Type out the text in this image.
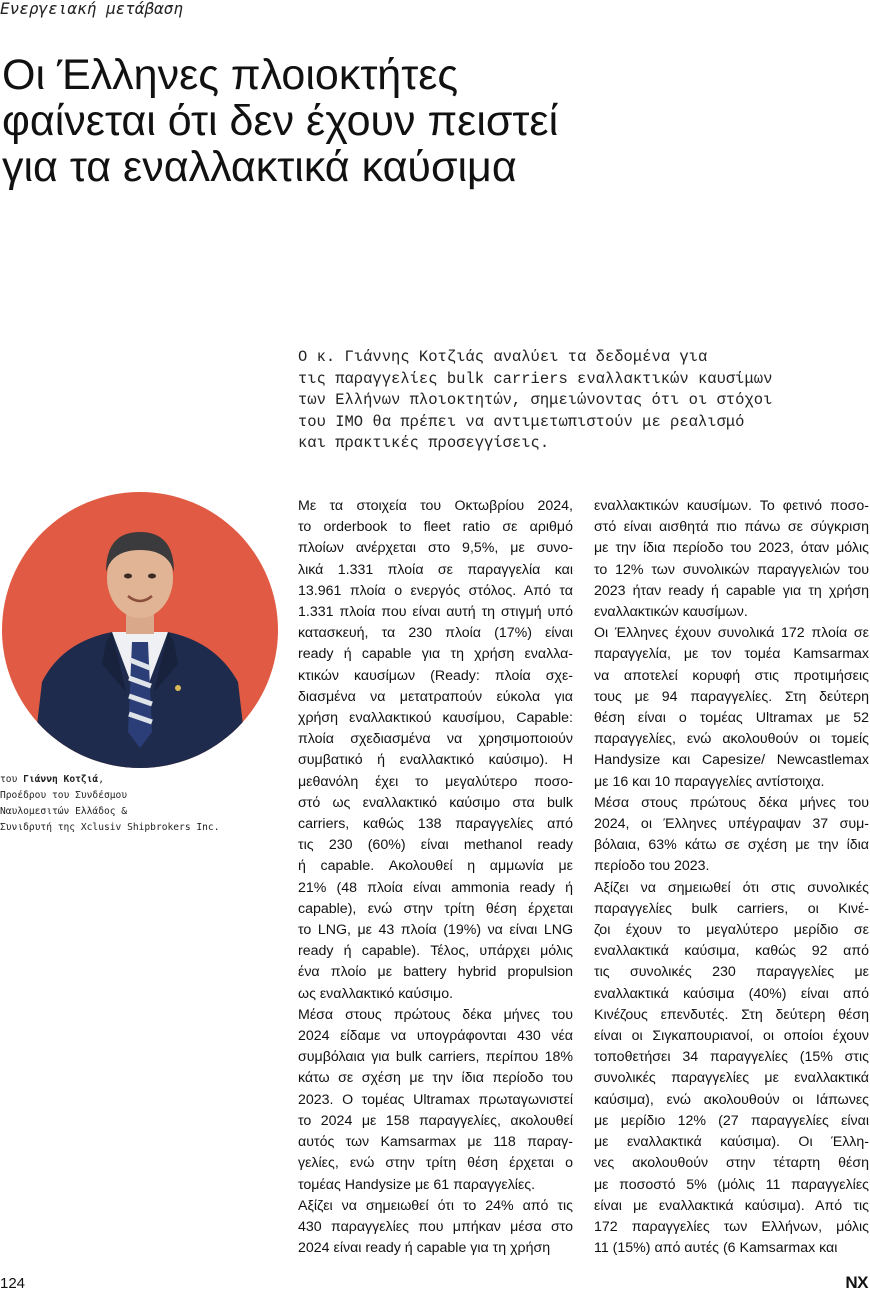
Ενεργειακή μετάβαση
Οι Έλληνες πλοιοκτήτες
φαίνεται ότι δεν έχουν πειστεί
για τα εναλλακτικά καύσιμα
Ο κ. Γιάννης Κοτζιάς αναλύει τα δεδομένα για
τις παραγγελίες bulk carriers εναλλακτικών καυσίμων
των Ελλήνων πλοιοκτητών, σημειώνοντας ότι οι στόχοι
του IMO θα πρέπει να αντιμετωπιστούν με ρεαλισμό
και πρακτικές προσεγγίσεις.
του Γιάννη Κοτζιά,
Προέδρου του Συνδέσμου
Ναυλομεσιτών Ελλάδος &
Συνιδρυτή της Xclusiv Shipbrokers Inc.
Με τα στοιχεία του Οκτωβρίου 2024,
το orderbook to fleet ratio σε αριθμό
πλοίων ανέρχεται στο 9,5%, με συνο-
λικά 1.331 πλοία σε παραγγελία και
13.961 πλοία ο ενεργός στόλος. Από τα
1.331 πλοία που είναι αυτή τη στιγμή υπό
κατασκευή, τα 230 πλοία (17%) είναι
ready ή capable για τη χρήση εναλλα-
κτικών καυσίμων (Ready: πλοία σχε-
διασμένα να μετατραπούν εύκολα για
χρήση εναλλακτικού καυσίμου, Capable:
πλοία σχεδιασμένα να χρησιμοποιούν
συμβατικό ή εναλλακτικό καύσιμο). Η
μεθανόλη έχει το μεγαλύτερο ποσο-
στό ως εναλλακτικό καύσιμο στα bulk
carriers, καθώς 138 παραγγελίες από
τις 230 (60%) είναι methanol ready
ή capable. Ακολουθεί η αμμωνία με
21% (48 πλοία είναι ammonia ready ή
capable), ενώ στην τρίτη θέση έρχεται
το LNG, με 43 πλοία (19%) να είναι LNG
ready ή capable). Τέλος, υπάρχει μόλις
ένα πλοίο με battery hybrid propulsion
ως εναλλακτικό καύσιμο.
Μέσα στους πρώτους δέκα μήνες του
2024 είδαμε να υπογράφονται 430 νέα
συμβόλαια για bulk carriers, περίπου 18%
κάτω σε σχέση με την ίδια περίοδο του
2023. Ο τομέας Ultramax πρωταγωνιστεί
το 2024 με 158 παραγγελίες, ακολουθεί
αυτός των Kamsarmax με 118 παραγ-
γελίες, ενώ στην τρίτη θέση έρχεται ο
τομέας Handysize με 61 παραγγελίες.
Αξίζει να σημειωθεί ότι το 24% από τις
430 παραγγελίες που μπήκαν μέσα στο
2024 είναι ready ή capable για τη χρήση
εναλλακτικών καυσίμων. Το φετινό ποσο-
στό είναι αισθητά πιο πάνω σε σύγκριση
με την ίδια περίοδο του 2023, όταν μόλις
το 12% των συνολικών παραγγελιών του
2023 ήταν ready ή capable για τη χρήση
εναλλακτικών καυσίμων.
Οι Έλληνες έχουν συνολικά 172 πλοία σε
παραγγελία, με τον τομέα Kamsarmax
να αποτελεί κορυφή στις προτιμήσεις
τους με 94 παραγγελίες. Στη δεύτερη
θέση είναι ο τομέας Ultramax με 52
παραγγελίες, ενώ ακολουθούν οι τομείς
Handysize και Capesize/ Newcastlemax
με 16 και 10 παραγγελίες αντίστοιχα.
Μέσα στους πρώτους δέκα μήνες του
2024, οι Έλληνες υπέγραψαν 37 συμ-
βόλαια, 63% κάτω σε σχέση με την ίδια
περίοδο του 2023.
Αξίζει να σημειωθεί ότι στις συνολικές
παραγγελίες bulk carriers, οι Κινέ-
ζοι έχουν το μεγαλύτερο μερίδιο σε
εναλλακτικά καύσιμα, καθώς 92 από
τις συνολικές 230 παραγγελίες με
εναλλακτικά καύσιμα (40%) είναι από
Κινέζους επενδυτές. Στη δεύτερη θέση
είναι οι Σιγκαπουριανοί, οι οποίοι έχουν
τοποθετήσει 34 παραγγελίες (15% στις
συνολικές παραγγελίες με εναλλακτικά
καύσιμα), ενώ ακολουθούν οι Ιάπωνες
με μερίδιο 12% (27 παραγγελίες είναι
με εναλλακτικά καύσιμα). Οι Έλλη-
νες ακολουθούν στην τέταρτη θέση
με ποσοστό 5% (μόλις 11 παραγγελίες
είναι με εναλλακτικά καύσιμα). Από τις
172 παραγγελίες των Ελλήνων, μόλις
11 (15%) από αυτές (6 Kamsarmax και
124	NX
